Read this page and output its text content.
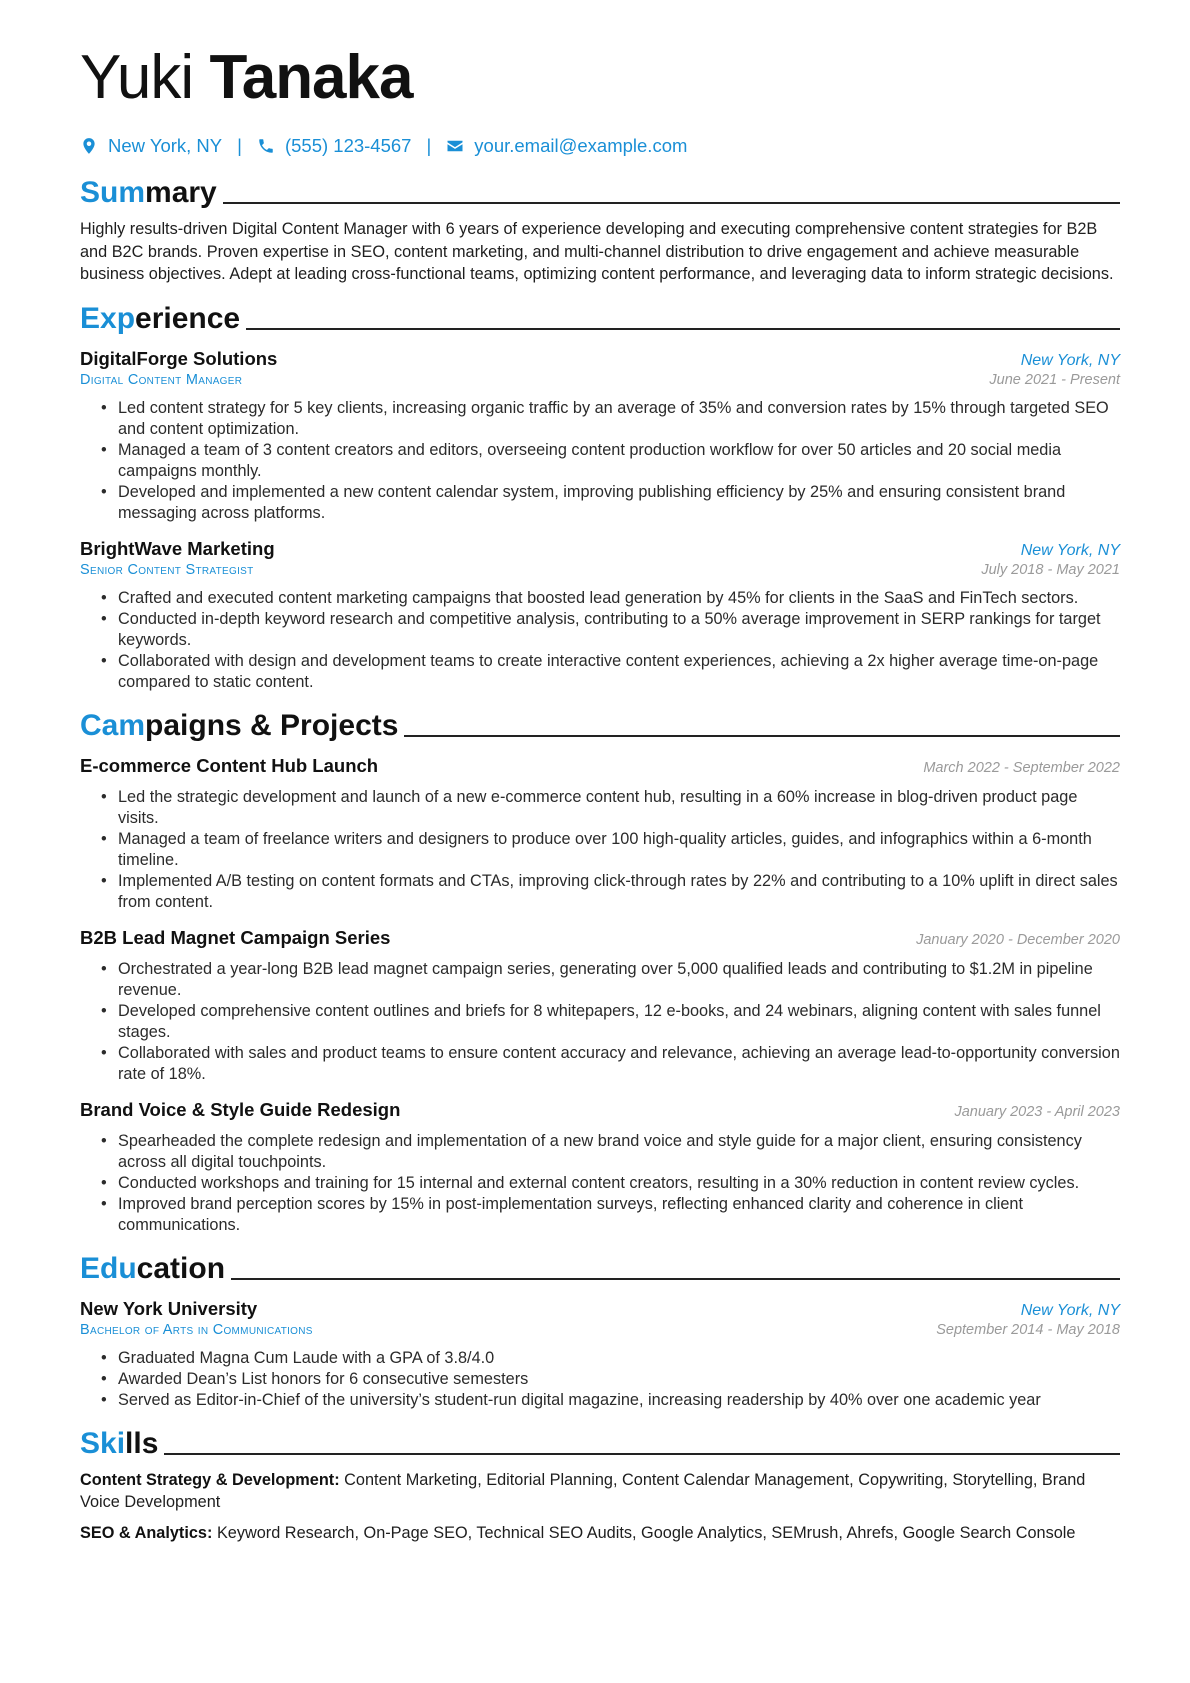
Yuki Tanaka
New York, NY | (555) 123-4567 | your.email@example.com
Summary

Highly results-driven Digital Content Manager with 6 years of experience developing and executing comprehensive content strategies for B2B and B2C brands. Proven expertise in SEO, content marketing, and multi-channel distribution to drive engagement and achieve measurable business objectives. Adept at leading cross-functional teams, optimizing content performance, and leveraging data to inform strategic decisions.

Experience
DigitalForge Solutions	New York, NY
Digital Content Manager	June 2021 - Present
• Led content strategy for 5 key clients, increasing organic traffic by an average of 35% and conversion rates by 15% through targeted SEO and content optimization.
• Managed a team of 3 content creators and editors, overseeing content production workflow for over 50 articles and 20 social media campaigns monthly.
• Developed and implemented a new content calendar system, improving publishing efficiency by 25% and ensuring consistent brand messaging across platforms.
BrightWave Marketing	New York, NY
Senior Content Strategist	July 2018 - May 2021
• Crafted and executed content marketing campaigns that boosted lead generation by 45% for clients in the SaaS and FinTech sectors.
• Conducted in-depth keyword research and competitive analysis, contributing to a 50% average improvement in SERP rankings for target keywords.
• Collaborated with design and development teams to create interactive content experiences, achieving a 2x higher average time-on-page compared to static content.
Campaigns & Projects
E-commerce Content Hub Launch	March 2022 - September 2022
• Led the strategic development and launch of a new e-commerce content hub, resulting in a 60% increase in blog-driven product page visits.
• Managed a team of freelance writers and designers to produce over 100 high-quality articles, guides, and infographics within a 6-month timeline.
• Implemented A/B testing on content formats and CTAs, improving click-through rates by 22% and contributing to a 10% uplift in direct sales from content.
B2B Lead Magnet Campaign Series	January 2020 - December 2020
• Orchestrated a year-long B2B lead magnet campaign series, generating over 5,000 qualified leads and contributing to $1.2M in pipeline revenue.
• Developed comprehensive content outlines and briefs for 8 whitepapers, 12 e-books, and 24 webinars, aligning content with sales funnel stages.
• Collaborated with sales and product teams to ensure content accuracy and relevance, achieving an average lead-to-opportunity conversion rate of 18%.
Brand Voice & Style Guide Redesign	January 2023 - April 2023
• Spearheaded the complete redesign and implementation of a new brand voice and style guide for a major client, ensuring consistency across all digital touchpoints.
• Conducted workshops and training for 15 internal and external content creators, resulting in a 30% reduction in content review cycles.
• Improved brand perception scores by 15% in post-implementation surveys, reflecting enhanced clarity and coherence in client communications.
Education
New York University	New York, NY
Bachelor of Arts in Communications	September 2014 - May 2018
• Graduated Magna Cum Laude with a GPA of 3.8/4.0
• Awarded Dean’s List honors for 6 consecutive semesters
• Served as Editor-in-Chief of the university’s student-run digital magazine, increasing readership by 40% over one academic year
Skills

Content Strategy & Development: Content Marketing, Editorial Planning, Content Calendar Management, Copywriting, Storytelling, Brand Voice Development

SEO & Analytics: Keyword Research, On-Page SEO, Technical SEO Audits, Google Analytics, SEMrush, Ahrefs, Google Search Console
